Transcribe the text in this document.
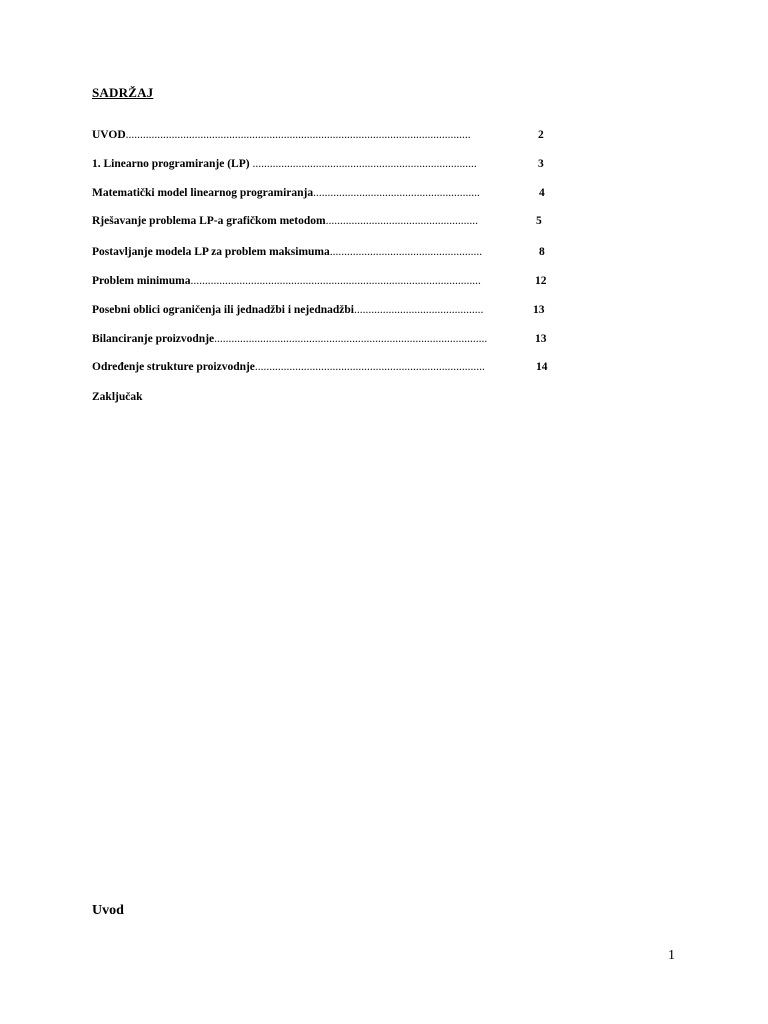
SADRŽAJ
UVOD........................................................................................................................	2
1. Linearno programiranje (LP) ..............................................................................	3
Matematički model linearnog programiranja..........................................................	4
Rješavanje problema LP-a grafičkom metodom.....................................................	5
Postavljanje modela LP za problem maksimuma.....................................................	8
Problem minimuma.....................................................................................................	12
Posebni oblici ograničenja ili jednadžbi i nejednadžbi.............................................	13
Bilanciranje proizvodnje...............................................................................................	13
Određenje strukture proizvodnje................................................................................	14
Zaključak
Uvod
1
